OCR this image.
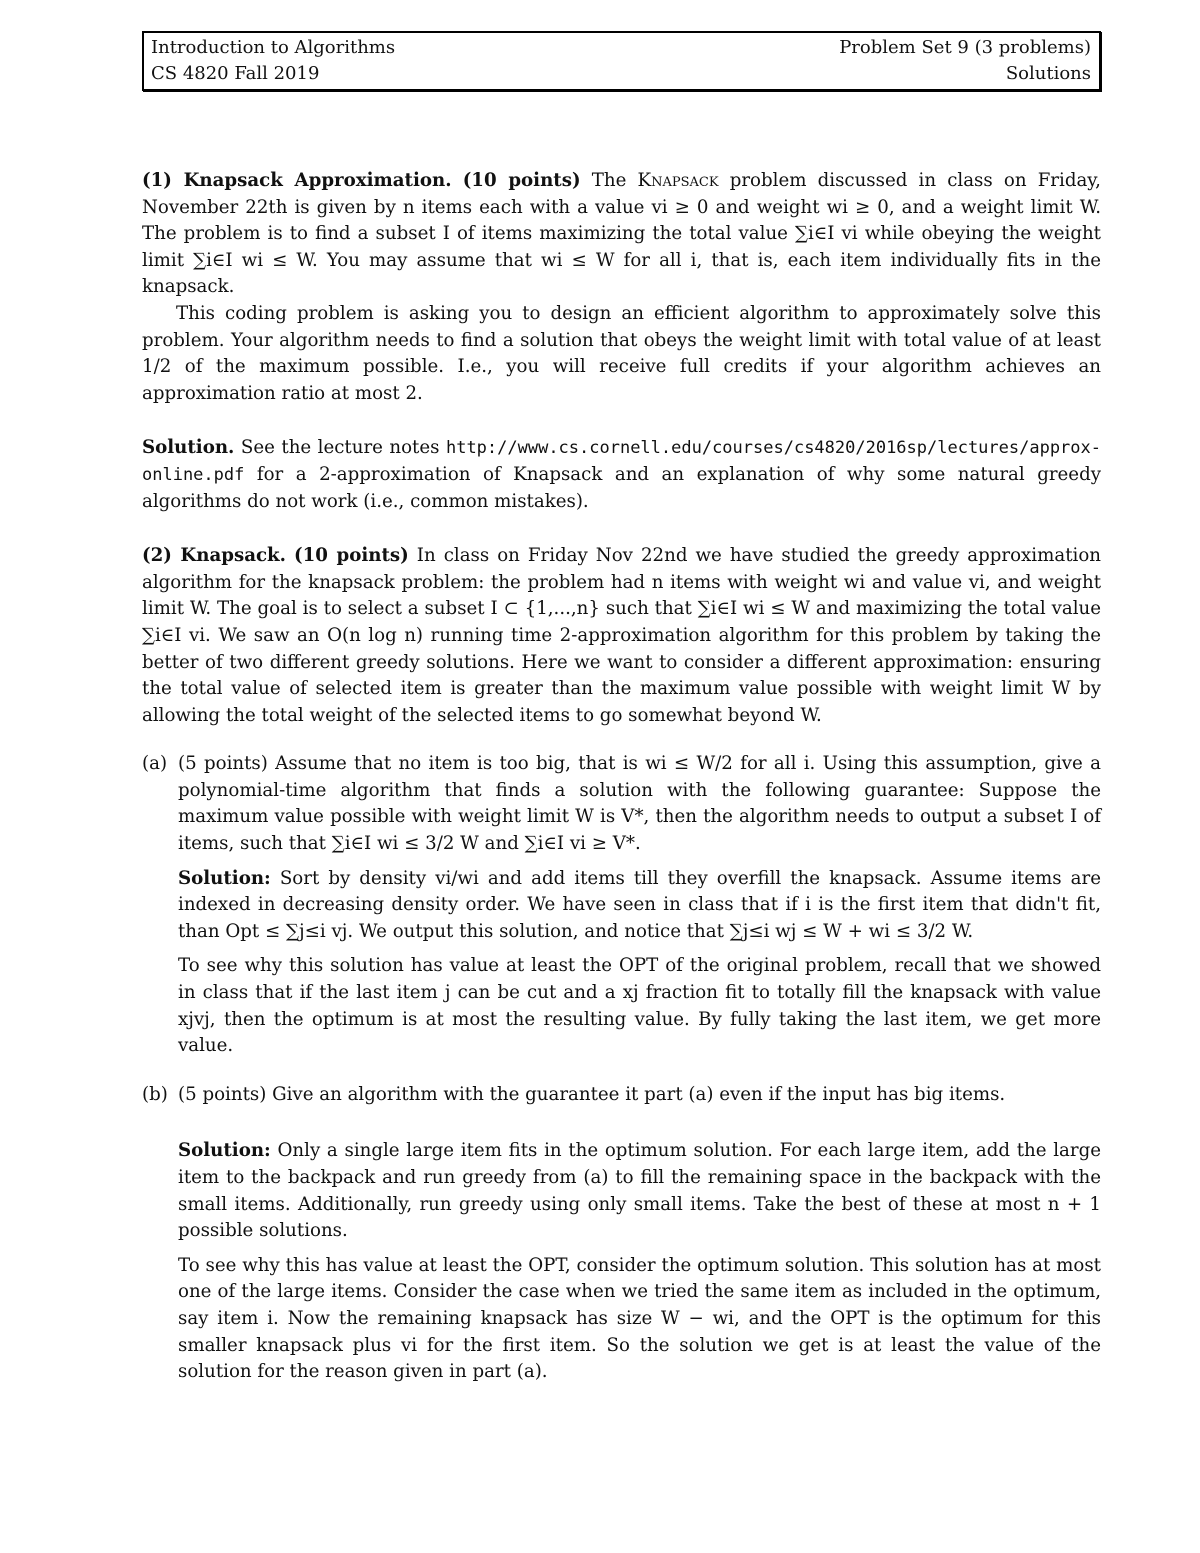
Introduction to Algorithms	Problem Set 9 (3 problems)
CS 4820 Fall 2019	Solutions

(1) Knapsack Approximation. (10 points) The Knapsack problem discussed in class on Friday, November 22th is given by n items each with a value vi ≥ 0 and weight wi ≥ 0, and a weight limit W. The problem is to find a subset I of items maximizing the total value ∑i∈I vi while obeying the weight limit ∑i∈I wi ≤ W. You may assume that wi ≤ W for all i, that is, each item individually fits in the knapsack.

This coding problem is asking you to design an efficient algorithm to approximately solve this problem. Your algorithm needs to find a solution that obeys the weight limit with total value of at least 1/2 of the maximum possible. I.e., you will receive full credits if your algorithm achieves an approximation ratio at most 2.

Solution. See the lecture notes http://www.cs.cornell.edu/courses/cs4820/2016sp/lectures/approx-online.pdf for a 2-approximation of Knapsack and an explanation of why some natural greedy algorithms do not work (i.e., common mistakes).

(2) Knapsack. (10 points) In class on Friday Nov 22nd we have studied the greedy approximation algorithm for the knapsack problem: the problem had n items with weight wi and value vi, and weight limit W. The goal is to select a subset I ⊂ {1,...,n} such that ∑i∈I wi ≤ W and maximizing the total value ∑i∈I vi. We saw an O(n log n) running time 2-approximation algorithm for this problem by taking the better of two different greedy solutions. Here we want to consider a different approximation: ensuring the total value of selected item is greater than the maximum value possible with weight limit W by allowing the total weight of the selected items to go somewhat beyond W.

(a) (5 points) Assume that no item is too big, that is wi ≤ W/2 for all i. Using this assumption, give a polynomial-time algorithm that finds a solution with the following guarantee: Suppose the maximum value possible with weight limit W is V*, then the algorithm needs to output a subset I of items, such that ∑i∈I wi ≤ 3/2 W and ∑i∈I vi ≥ V*.

Solution: Sort by density vi/wi and add items till they overfill the knapsack. Assume items are indexed in decreasing density order. We have seen in class that if i is the first item that didn't fit, than Opt ≤ ∑j≤i vj. We output this solution, and notice that ∑j≤i wj ≤ W + wi ≤ 3/2 W.

To see why this solution has value at least the OPT of the original problem, recall that we showed in class that if the last item j can be cut and a xj fraction fit to totally fill the knapsack with value xjvj, then the optimum is at most the resulting value. By fully taking the last item, we get more value.

(b) (5 points) Give an algorithm with the guarantee it part (a) even if the input has big items.

Solution: Only a single large item fits in the optimum solution. For each large item, add the large item to the backpack and run greedy from (a) to fill the remaining space in the backpack with the small items. Additionally, run greedy using only small items. Take the best of these at most n + 1 possible solutions.

To see why this has value at least the OPT, consider the optimum solution. This solution has at most one of the large items. Consider the case when we tried the same item as included in the optimum, say item i. Now the remaining knapsack has size W − wi, and the OPT is the optimum for this smaller knapsack plus vi for the first item. So the solution we get is at least the value of the solution for the reason given in part (a).
